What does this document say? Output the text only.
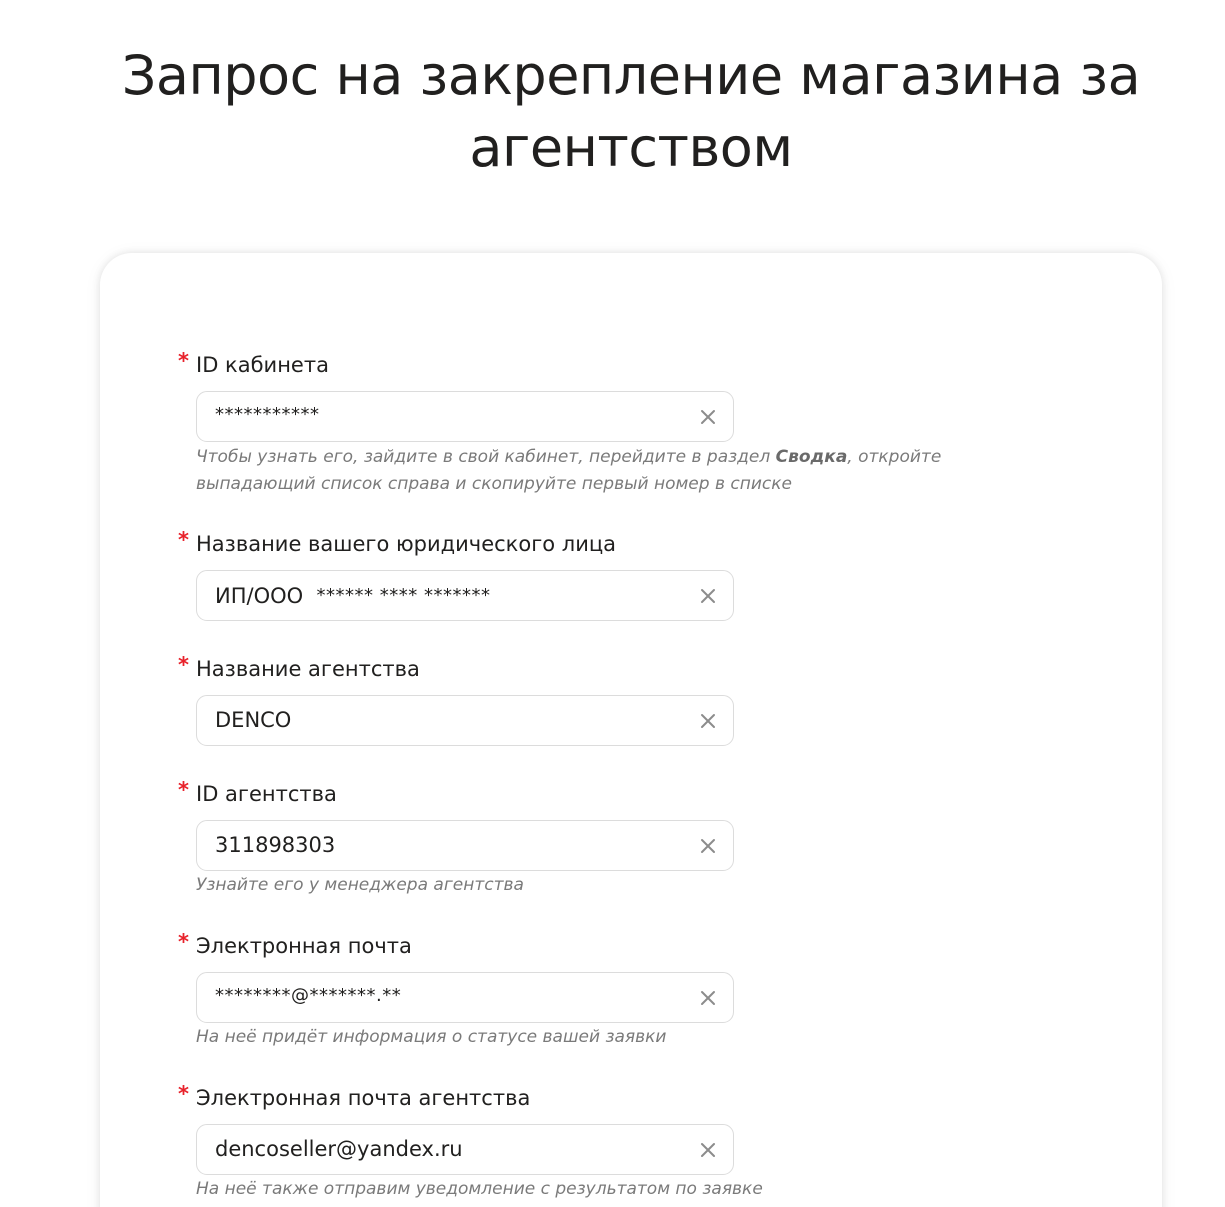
Запрос на закрепление магазина за агентством
* ID кабинета
***********
Чтобы узнать его, зайдите в свой кабинет, перейдите в раздел Сводка, откройте выпадающий список справа и скопируйте первый номер в списке
* Название вашего юридического лица
ИП/ООО ****** **** *******
* Название агентства
DENCO
* ID агентства
311898303
Узнайте его у менеджера агентства
* Электронная почта
********@*******.**
На неё придёт информация о статусе вашей заявки
* Электронная почта агентства
dencoseller@yandex.ru
На неё также отправим уведомление с результатом по заявке
